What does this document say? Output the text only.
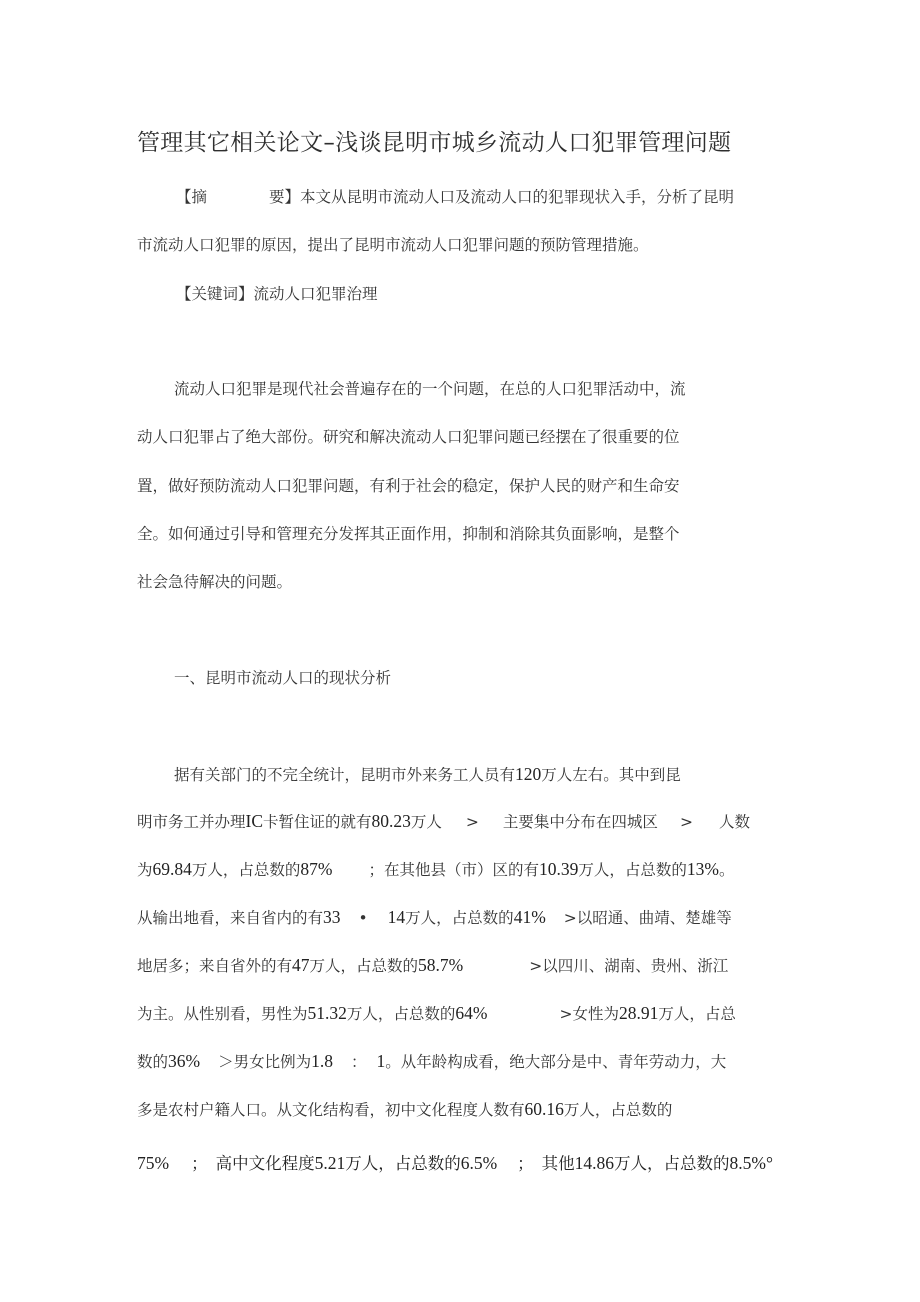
管理其它相关论文–浅谈昆明市城乡流动人口犯罪管理问题
【摘	要】本文从昆明市流动人口及流动人口的犯罪现状入手，分析了昆明
市流动人口犯罪的原因，提出了昆明市流动人口犯罪问题的预防管理措施。
【关键词】流动人口犯罪治理
流动人口犯罪是现代社会普遍存在的一个问题，在总的人口犯罪活动中，流
动人口犯罪占了绝大部份。研究和解决流动人口犯罪问题已经摆在了很重要的位
置，做好预防流动人口犯罪问题，有利于社会的稳定，保护人民的财产和生命安
全。如何通过引导和管理充分发挥其正面作用，抑制和消除其负面影响，是整个
社会急待解决的问题。
一、昆明市流动人口的现状分析
据有关部门的不完全统计，昆明市外来务工人员有120万人左右。其中到昆
明市务工并办理IC卡暂住证的就有80.23万人 > 主要集中分布在四城区 > 人数
为69.84万人，占总数的87% ；在其他县（市）区的有10.39万人，占总数的13%。
从输出地看，来自省内的有33 • 14万人，占总数的41% >以昭通、曲靖、楚雄等
地居多；来自省外的有47万人，占总数的58.7%	>以四川、湖南、贵州、浙江
为主。从性别看，男性为51.32万人，占总数的64%	>女性为28.91万人，占总
数的36% ＞男女比例为1.8 ： 1。从年龄构成看，绝大部分是中、青年劳动力，大
多是农村户籍人口。从文化结构看，初中文化程度人数有60.16万人，占总数的
75% ； 高中文化程度5.21万人，占总数的6.5% ； 其他14.86万人，占总数的8.5%°
